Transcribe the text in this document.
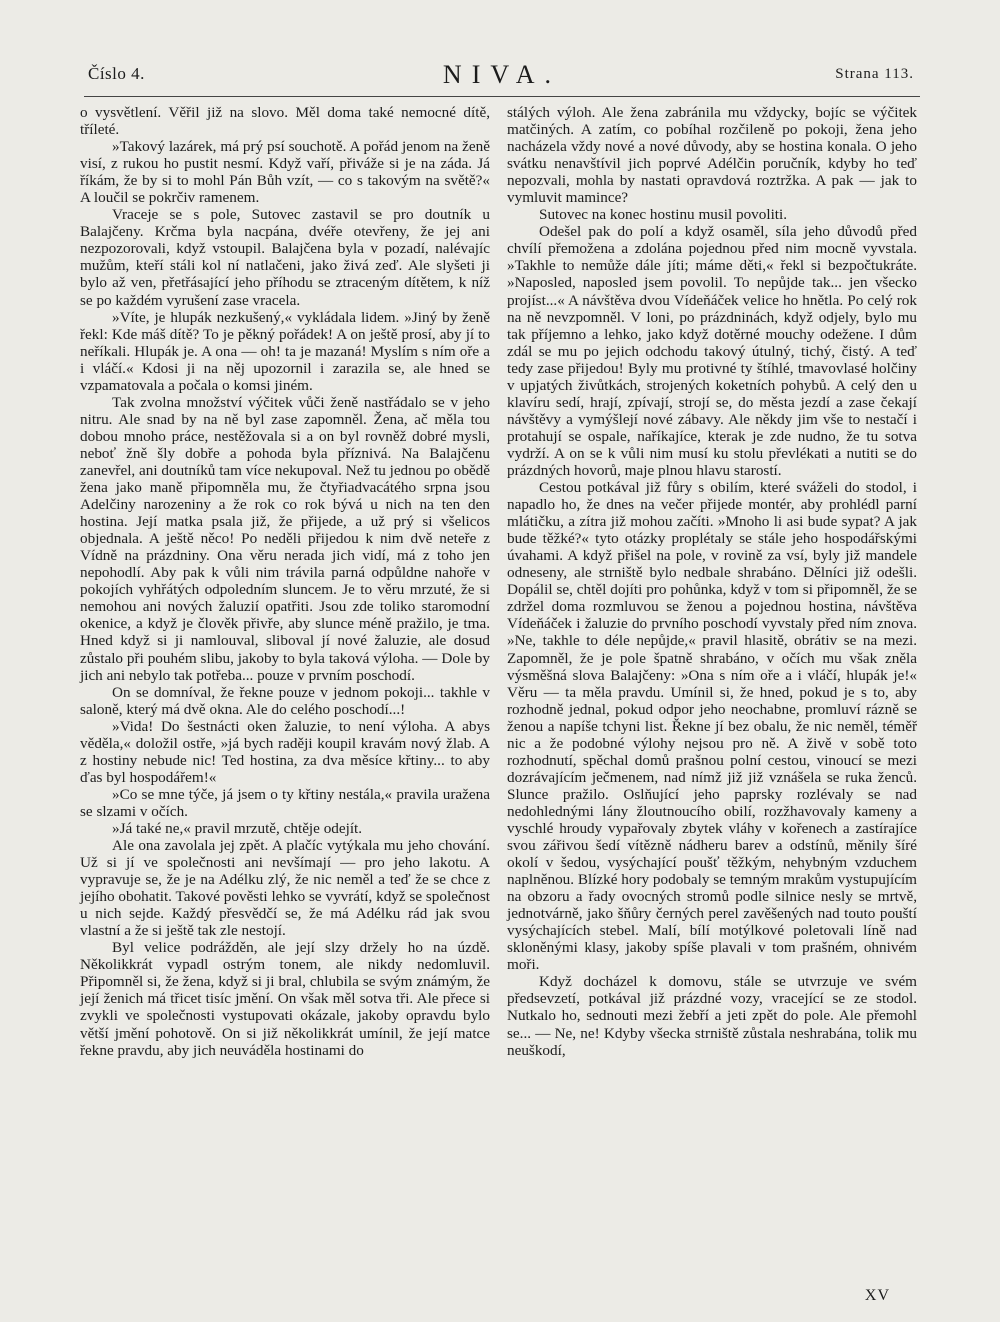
Číslo 4.	NIVA.	Strana 113.

o vysvětlení. Věřil již na slovo. Měl doma také nemocné dítě, tříleté.

»Takový lazárek, má prý psí souchotě. A pořád jenom na ženě visí, z rukou ho pustit nesmí. Když vaří, přiváže si je na záda. Já říkám, že by si to mohl Pán Bůh vzít, — co s takovým na světě?« A loučil se pokrčiv ramenem.

Vraceje se s pole, Sutovec zastavil se pro doutník u Balajčeny. Krčma byla nacpána, dvéře otevřeny, že jej ani nezpozorovali, když vstoupil. Balajčena byla v pozadí, nalévajíc mužům, kteří stáli kol ní natlačeni, jako živá zeď. Ale slyšeti ji bylo až ven, přetřásající jeho příhodu se ztraceným dítětem, k níž se po každém vyrušení zase vracela.

»Víte, je hlupák nezkušený,« vykládala lidem. »Jiný by ženě řekl: Kde máš dítě? To je pěkný pořádek! A on ještě prosí, aby jí to neříkali. Hlupák je. A ona — oh! ta je mazaná! Myslím s ním oře a i vláčí.« Kdosi ji na něj upozornil i zarazila se, ale hned se vzpamatovala a počala o komsi jiném.

Tak zvolna množství výčitek vůči ženě nastřádalo se v jeho nitru. Ale snad by na ně byl zase zapomněl. Žena, ač měla tou dobou mnoho práce, nestěžovala si a on byl rovněž dobré mysli, neboť žně šly dobře a pohoda byla příznivá. Na Balajčenu zanevřel, ani doutníků tam více nekupoval. Než tu jednou po obědě žena jako maně připomněla mu, že čtyřiadvacátého srpna jsou Adelčiny narozeniny a že rok co rok bývá u nich na ten den hostina. Její matka psala již, že přijede, a už prý si všelicos objednala. A ještě něco! Po neděli přijedou k nim dvě neteře z Vídně na prázdniny. Ona věru nerada jich vidí, má z toho jen nepohodlí. Aby pak k vůli nim trávila parná odpůldne nahoře v pokojích vyhřátých odpoledním sluncem. Je to věru mrzuté, že si nemohou ani nových žaluzií opatřiti. Jsou zde toliko staromodní okenice, a když je člověk přivře, aby slunce méně pražilo, je tma. Hned když si ji namlouval, sliboval jí nové žaluzie, ale dosud zůstalo při pouhém slibu, jakoby to byla taková výloha. — Dole by jich ani nebylo tak potřeba... pouze v prvním poschodí.

On se domníval, že řekne pouze v jednom pokoji... takhle v saloně, který má dvě okna. Ale do celého poschodí...!

»Vida! Do šestnácti oken žaluzie, to není výloha. A abys věděla,« doložil ostře, »já bych raději koupil kravám nový žlab. A z hostiny nebude nic! Ted hostina, za dva měsíce křtiny... to aby ďas byl hospodářem!«

»Co se mne týče, já jsem o ty křtiny nestála,« pravila uražena se slzami v očích.

»Já také ne,« pravil mrzutě, chtěje odejít.

Ale ona zavolala jej zpět. A plačíc vytýkala mu jeho chování. Už si jí ve společnosti ani nevšímají — pro jeho lakotu. A vypravuje se, že je na Adélku zlý, že nic neměl a teď že se chce z jejího obohatit. Takové pověsti lehko se vyvrátí, když se společnost u nich sejde. Každý přesvědčí se, že má Adélku rád jak svou vlastní a že si ještě tak zle nestojí.

Byl velice podrážděn, ale její slzy držely ho na úzdě. Několikkrát vypadl ostrým tonem, ale nikdy nedomluvil. Připomněl si, že žena, když si ji bral, chlubila se svým známým, že její ženich má třicet tisíc jmění. On však měl sotva tři. Ale přece si zvykli ve společnosti vystupovati okázale, jakoby opravdu bylo větší jmění pohotově. On si již několikkrát umínil, že její matce řekne pravdu, aby jich neuváděla hostinami do

stálých výloh. Ale žena zabránila mu vždycky, bojíc se výčitek matčiných. A zatím, co pobíhal rozčileně po pokoji, žena jeho nacházela vždy nové a nové důvody, aby se hostina konala. O jeho svátku nenavštívil jich poprvé Adélčin poručník, kdyby ho teď nepozvali, mohla by nastati opravdová roztržka. A pak — jak to vymluvit mamince?

Sutovec na konec hostinu musil povoliti.

Odešel pak do polí a když osaměl, síla jeho důvodů před chvílí přemožena a zdolána pojednou před nim mocně vyvstala. »Takhle to nemůže dále jíti; máme děti,« řekl si bezpočtukráte. »Naposled, naposled jsem povolil. To nepůjde tak... jen všecko projíst...« A návštěva dvou Vídeňáček velice ho hnětla. Po celý rok na ně nevzpomněl. V loni, po prázdninách, když odjely, bylo mu tak příjemno a lehko, jako když dotěrné mouchy odežene. I dům zdál se mu po jejich odchodu takový útulný, tichý, čistý. A teď tedy zase přijedou! Byly mu protivné ty štíhlé, tmavovlasé holčiny v upjatých živůtkách, strojených koketních pohybů. A celý den u klavíru sedí, hrají, zpívají, strojí se, do města jezdí a zase čekají návštěvy a vymýšlejí nové zábavy. Ale někdy jim vše to nestačí i protahují se ospale, naříkajíce, kterak je zde nudno, že tu sotva vydrží. A on se k vůli nim musí ku stolu převlékati a nutiti se do prázdných hovorů, maje plnou hlavu starostí.

Cestou potkával již fůry s obilím, které sváželi do stodol, i napadlo ho, že dnes na večer přijede montér, aby prohlédl parní mlátičku, a zítra již mohou začíti. »Mnoho li asi bude sypat? A jak bude těžké?« tyto otázky proplétaly se stále jeho hospodářskými úvahami. A když přišel na pole, v rovině za vsí, byly již mandele odneseny, ale strniště bylo nedbale shrabáno. Dělníci již odešli. Dopálil se, chtěl dojíti pro pohůnka, když v tom si připomněl, že se zdržel doma rozmluvou se ženou a pojednou hostina, návštěva Vídeňáček i žaluzie do prvního poschodí vyvstaly před ním znova. »Ne, takhle to déle nepůjde,« pravil hlasitě, obrátiv se na mezi. Zapomněl, že je pole špatně shrabáno, v očích mu však zněla výsměšná slova Balajčeny: »Ona s ním oře a i vláčí, hlupák je!« Věru — ta měla pravdu. Umínil si, že hned, pokud je s to, aby rozhodně jednal, pokud odpor jeho neochabne, promluví rázně se ženou a napíše tchyni list. Řekne jí bez obalu, že nic neměl, téměř nic a že podobné výlohy nejsou pro ně. A živě v sobě toto rozhodnutí, spěchal domů prašnou polní cestou, vinoucí se mezi dozrávajícím ječmenem, nad nímž již již vznášela se ruka ženců. Slunce pražilo. Oslňující jeho paprsky rozlévaly se nad nedohlednými lány žloutnoucího obilí, rozžhavovaly kameny a vyschlé hroudy vypařovaly zbytek vláhy v kořenech a zastírajíce svou zářivou šedí vítězně nádheru barev a odstínů, měnily šíré okolí v šedou, vysýchající poušť těžkým, nehybným vzduchem naplněnou. Blízké hory podobaly se temným mrakům vystupujícím na obzoru a řady ovocných stromů podle silnice nesly se mrtvě, jednotvárně, jako šňůry černých perel zavěšených nad touto pouští vysýchajících stebel. Malí, bílí motýlkové poletovali líně nad skloněnými klasy, jakoby spíše plavali v tom prašném, ohnivém moři.

Když docházel k domovu, stále se utvrzuje ve svém předsevzetí, potkával již prázdné vozy, vracející se ze stodol. Nutkalo ho, sednouti mezi žebří a jeti zpět do pole. Ale přemohl se... — Ne, ne! Kdyby všecka strniště zůstala neshrabána, tolik mu neuškodí,

XV
